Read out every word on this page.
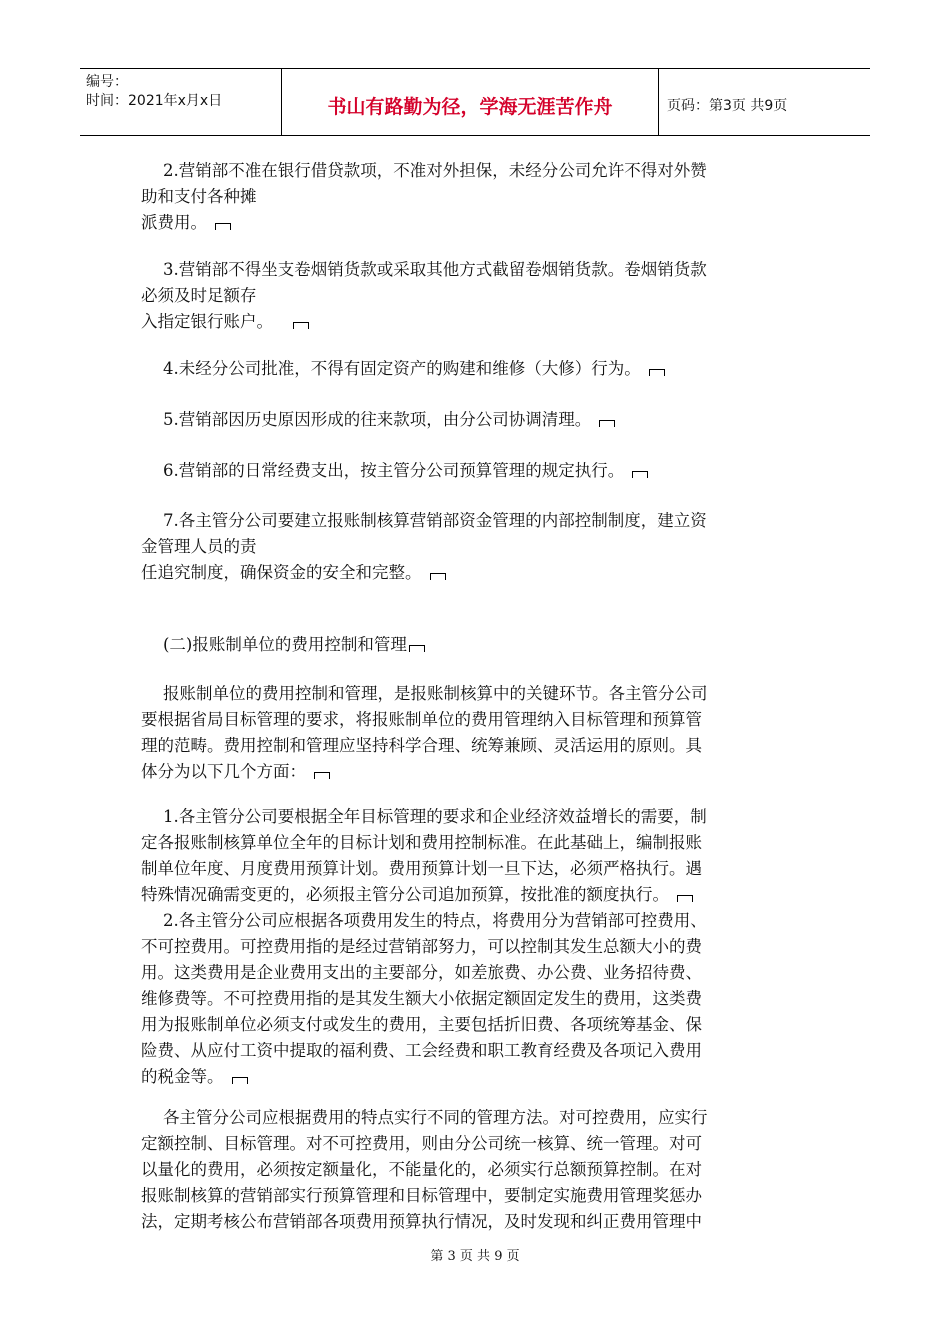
编号：
时间：2021年x月x日	书山有路勤为径，学海无涯苦作舟	页码：第3页 共9页
2.营销部不准在银行借贷款项，不准对外担保，未经分公司允许不得对外赞
助和支付各种摊
派费用。
3.营销部不得坐支卷烟销货款或采取其他方式截留卷烟销货款。卷烟销货款
必须及时足额存
入指定银行账户。
4.未经分公司批准，不得有固定资产的购建和维修（大修）行为。
5.营销部因历史原因形成的往来款项，由分公司协调清理。
6.营销部的日常经费支出，按主管分公司预算管理的规定执行。
7.各主管分公司要建立报账制核算营销部资金管理的内部控制制度，建立资
金管理人员的责
任追究制度，确保资金的安全和完整。
(二)报账制单位的费用控制和管理
报账制单位的费用控制和管理，是报账制核算中的关键环节。各主管分公司
要根据省局目标管理的要求，将报账制单位的费用管理纳入目标管理和预算管
理的范畴。费用控制和管理应坚持科学合理、统筹兼顾、灵活运用的原则。具
体分为以下几个方面：
1.各主管分公司要根据全年目标管理的要求和企业经济效益增长的需要，制
定各报账制核算单位全年的目标计划和费用控制标准。在此基础上，编制报账
制单位年度、月度费用预算计划。费用预算计划一旦下达，必须严格执行。遇
特殊情况确需变更的，必须报主管分公司追加预算，按批准的额度执行。
2.各主管分公司应根据各项费用发生的特点，将费用分为营销部可控费用、
不可控费用。可控费用指的是经过营销部努力，可以控制其发生总额大小的费
用。这类费用是企业费用支出的主要部分，如差旅费、办公费、业务招待费、
维修费等。不可控费用指的是其发生额大小依据定额固定发生的费用，这类费
用为报账制单位必须支付或发生的费用，主要包括折旧费、各项统筹基金、保
险费、从应付工资中提取的福利费、工会经费和职工教育经费及各项记入费用
的税金等。
各主管分公司应根据费用的特点实行不同的管理方法。对可控费用，应实行
定额控制、目标管理。对不可控费用，则由分公司统一核算、统一管理。对可
以量化的费用，必须按定额量化，不能量化的，必须实行总额预算控制。在对
报账制核算的营销部实行预算管理和目标管理中，要制定实施费用管理奖惩办
法，定期考核公布营销部各项费用预算执行情况，及时发现和纠正费用管理中
第 3 页 共 9 页
